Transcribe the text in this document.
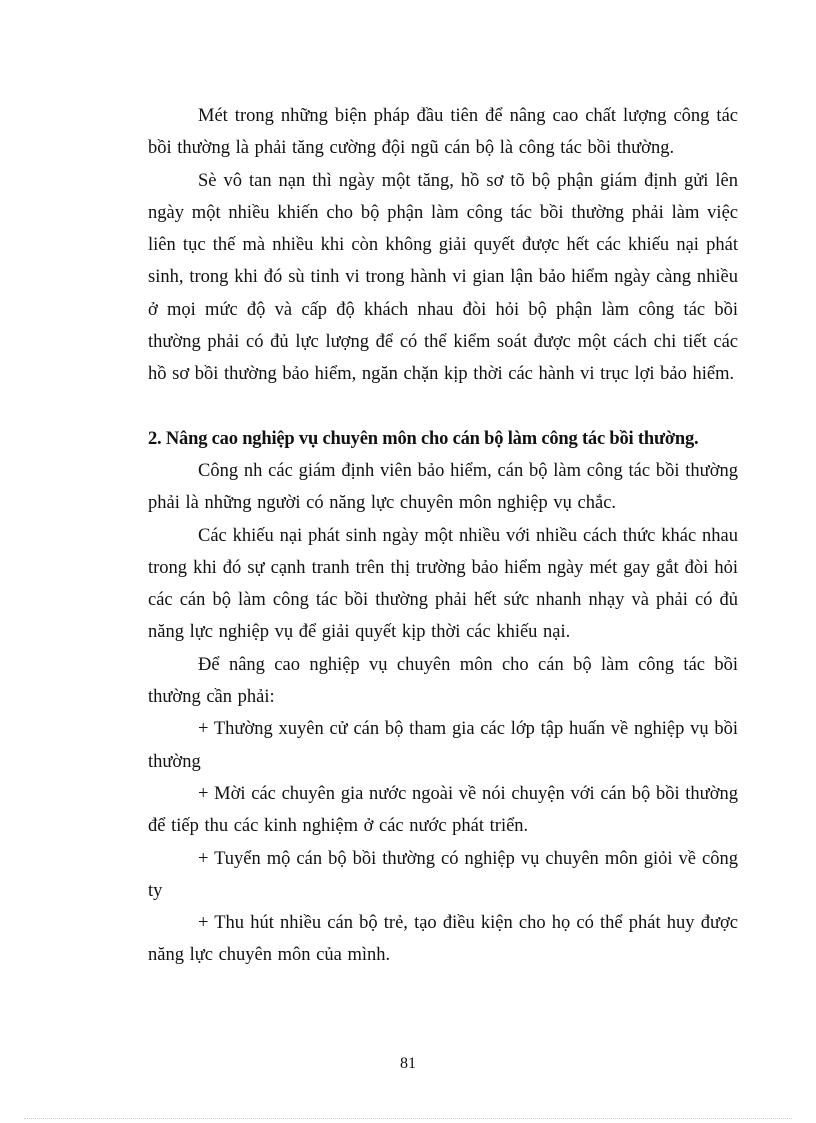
Mét trong những biện pháp đầu tiên để nâng cao chất lượng công tác bồi thường là phải tăng cường đội ngũ cán bộ là công tác bồi thường.

Sè vô tan nạn thì ngày một tăng, hồ sơ tõ bộ phận giám định gửi lên ngày một nhiều khiến cho bộ phận làm công tác bồi thường phải làm việc liên tục thế mà nhiều khi còn không giải quyết được hết các khiếu nại phát sinh, trong khi đó sù tinh vi trong hành vi gian lận bảo hiểm ngày càng nhiều ở mọi mức độ và cấp độ khách nhau đòi hỏi bộ phận làm công tác bồi thường phải có đủ lực lượng để có thể kiểm soát được một cách chi tiết các hồ sơ bồi thường bảo hiểm, ngăn chặn kịp thời các hành vi trục lợi bảo hiểm.

2. Nâng cao nghiệp vụ chuyên môn cho cán bộ làm công tác bồi thường.

Công nh các giám định viên bảo hiểm, cán bộ làm công tác bồi thường phải là những người có năng lực chuyên môn nghiệp vụ chắc.

Các khiếu nại phát sinh ngày một nhiều với nhiều cách thức khác nhau trong khi đó sự cạnh tranh trên thị trường bảo hiểm ngày mét gay gắt đòi hỏi các cán bộ làm công tác bồi thường phải hết sức nhanh nhạy và phải có đủ năng lực nghiệp vụ để giải quyết kịp thời các khiếu nại.

Để nâng cao nghiệp vụ chuyên môn cho cán bộ làm công tác bồi thường cần phải:

+ Thường xuyên cử cán bộ tham gia các lớp tập huấn về nghiệp vụ bồi thường

+ Mời các chuyên gia nước ngoài về nói chuyện với cán bộ bồi thường để tiếp thu các kinh nghiệm ở các nước phát triển.

+ Tuyển mộ cán bộ bồi thường có nghiệp vụ chuyên môn giỏi về công ty

+ Thu hút nhiều cán bộ trẻ, tạo điều kiện cho họ có thể phát huy được năng lực chuyên môn của mình.

81
